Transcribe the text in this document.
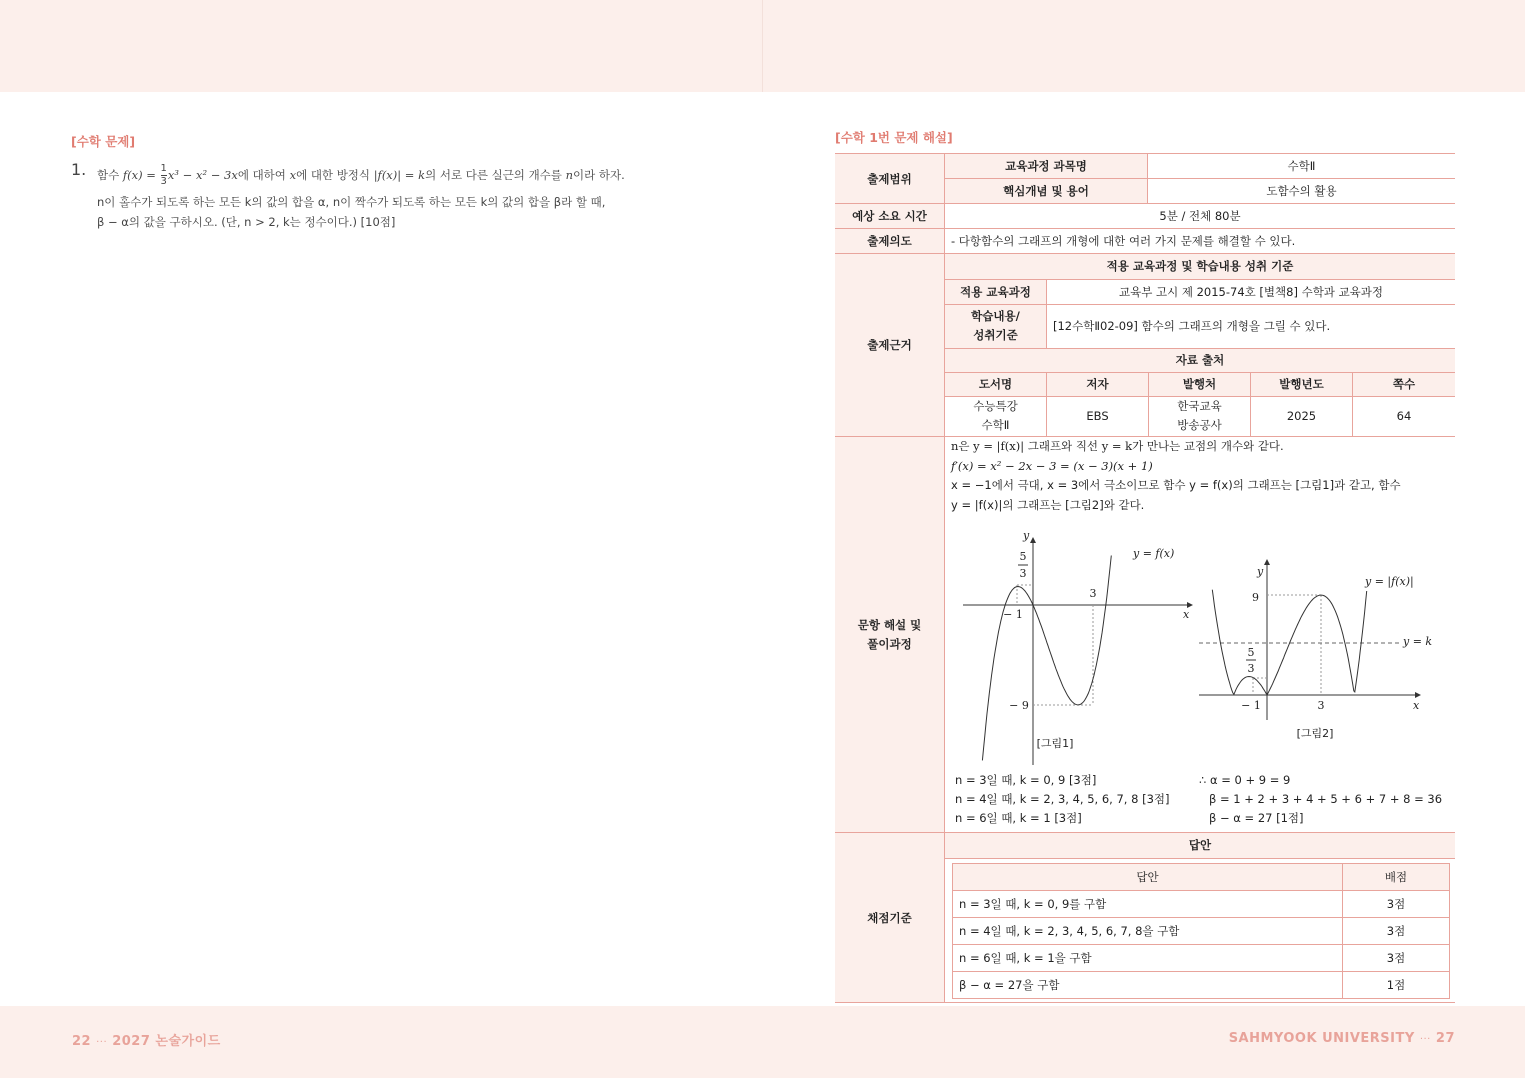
[수학 문제]
1. 함수 $f(x) = \frac{1}{3} x^3 - x^2 - 3x$에 대하여 x에 대한 방정식 |f(x)| = k의 서로 다른 실근의 개수를 n이라 하자.

n이 홀수가 되도록 하는 모든 k의 값의 합을 α, n이 짝수가 되도록 하는 모든 k의 값의 합을 β라 할 때,

β − α의 값을 구하시오. (단, n > 2, k는 정수이다.) [10점]

[수학 1번 문제 해설]
출제범위	교육과정 과목명	수학Ⅱ
핵심개념 및 용어	도함수의 활용
예상 소요 시간	5분 / 전체 80분
출제의도	- 다항함수의 그래프의 개형에 대한 여러 가지 문제를 해결할 수 있다.
출제근거	
적용 교육과정 및 학습내용 성취 기준
적용 교육과정	교육부 고시 제 2015-74호 [별책8] 수학과 교육과정
학습내용/
성취기준	[12수학Ⅱ02-09] 함수의 그래프의 개형을 그릴 수 있다.
자료 출처
도서명	저자	발행처	발행년도	쪽수
수능특강
수학Ⅱ	EBS	한국교육
방송공사	2025	64

문항 해설 및
풀이과정	
n은 y = |f(x)| 그래프와 직선 y = k가 만나는 교점의 개수와 같다.
f′(x) = x² − 2x − 3 = (x − 3)(x + 1)
x = −1에서 극대, x = 3에서 극소이므로 함수 y = f(x)의 그래프는 [그림1]과 같고, 함수
y = |f(x)|의 그래프는 [그림2]와 같다.
5
3
y
x
3
− 1
− 9
y = f(x)
[그림1]
9
5
3
y
x
− 1	3
y = |f(x)|
y = k
[그림2]
n = 3일 때, k = 0, 9 [3점]
n = 4일 때, k = 2, 3, 4, 5, 6, 7, 8 [3점]
n = 6일 때, k = 1 [3점]
∴ α = 0 + 9 = 9
β = 1 + 2 + 3 + 4 + 5 + 6 + 7 + 8 = 36
β − α = 27 [1점]

채점기준	
답안
답안	배점
n = 3일 때, k = 0, 9를 구함	3점
n = 4일 때, k = 2, 3, 4, 5, 6, 7, 8을 구함	3점
n = 6일 때, k = 1을 구함	3점
β − α = 27을 구함	1점
22 ··· 2027 논술가이드	SAHMYOOK UNIVERSITY ··· 27
